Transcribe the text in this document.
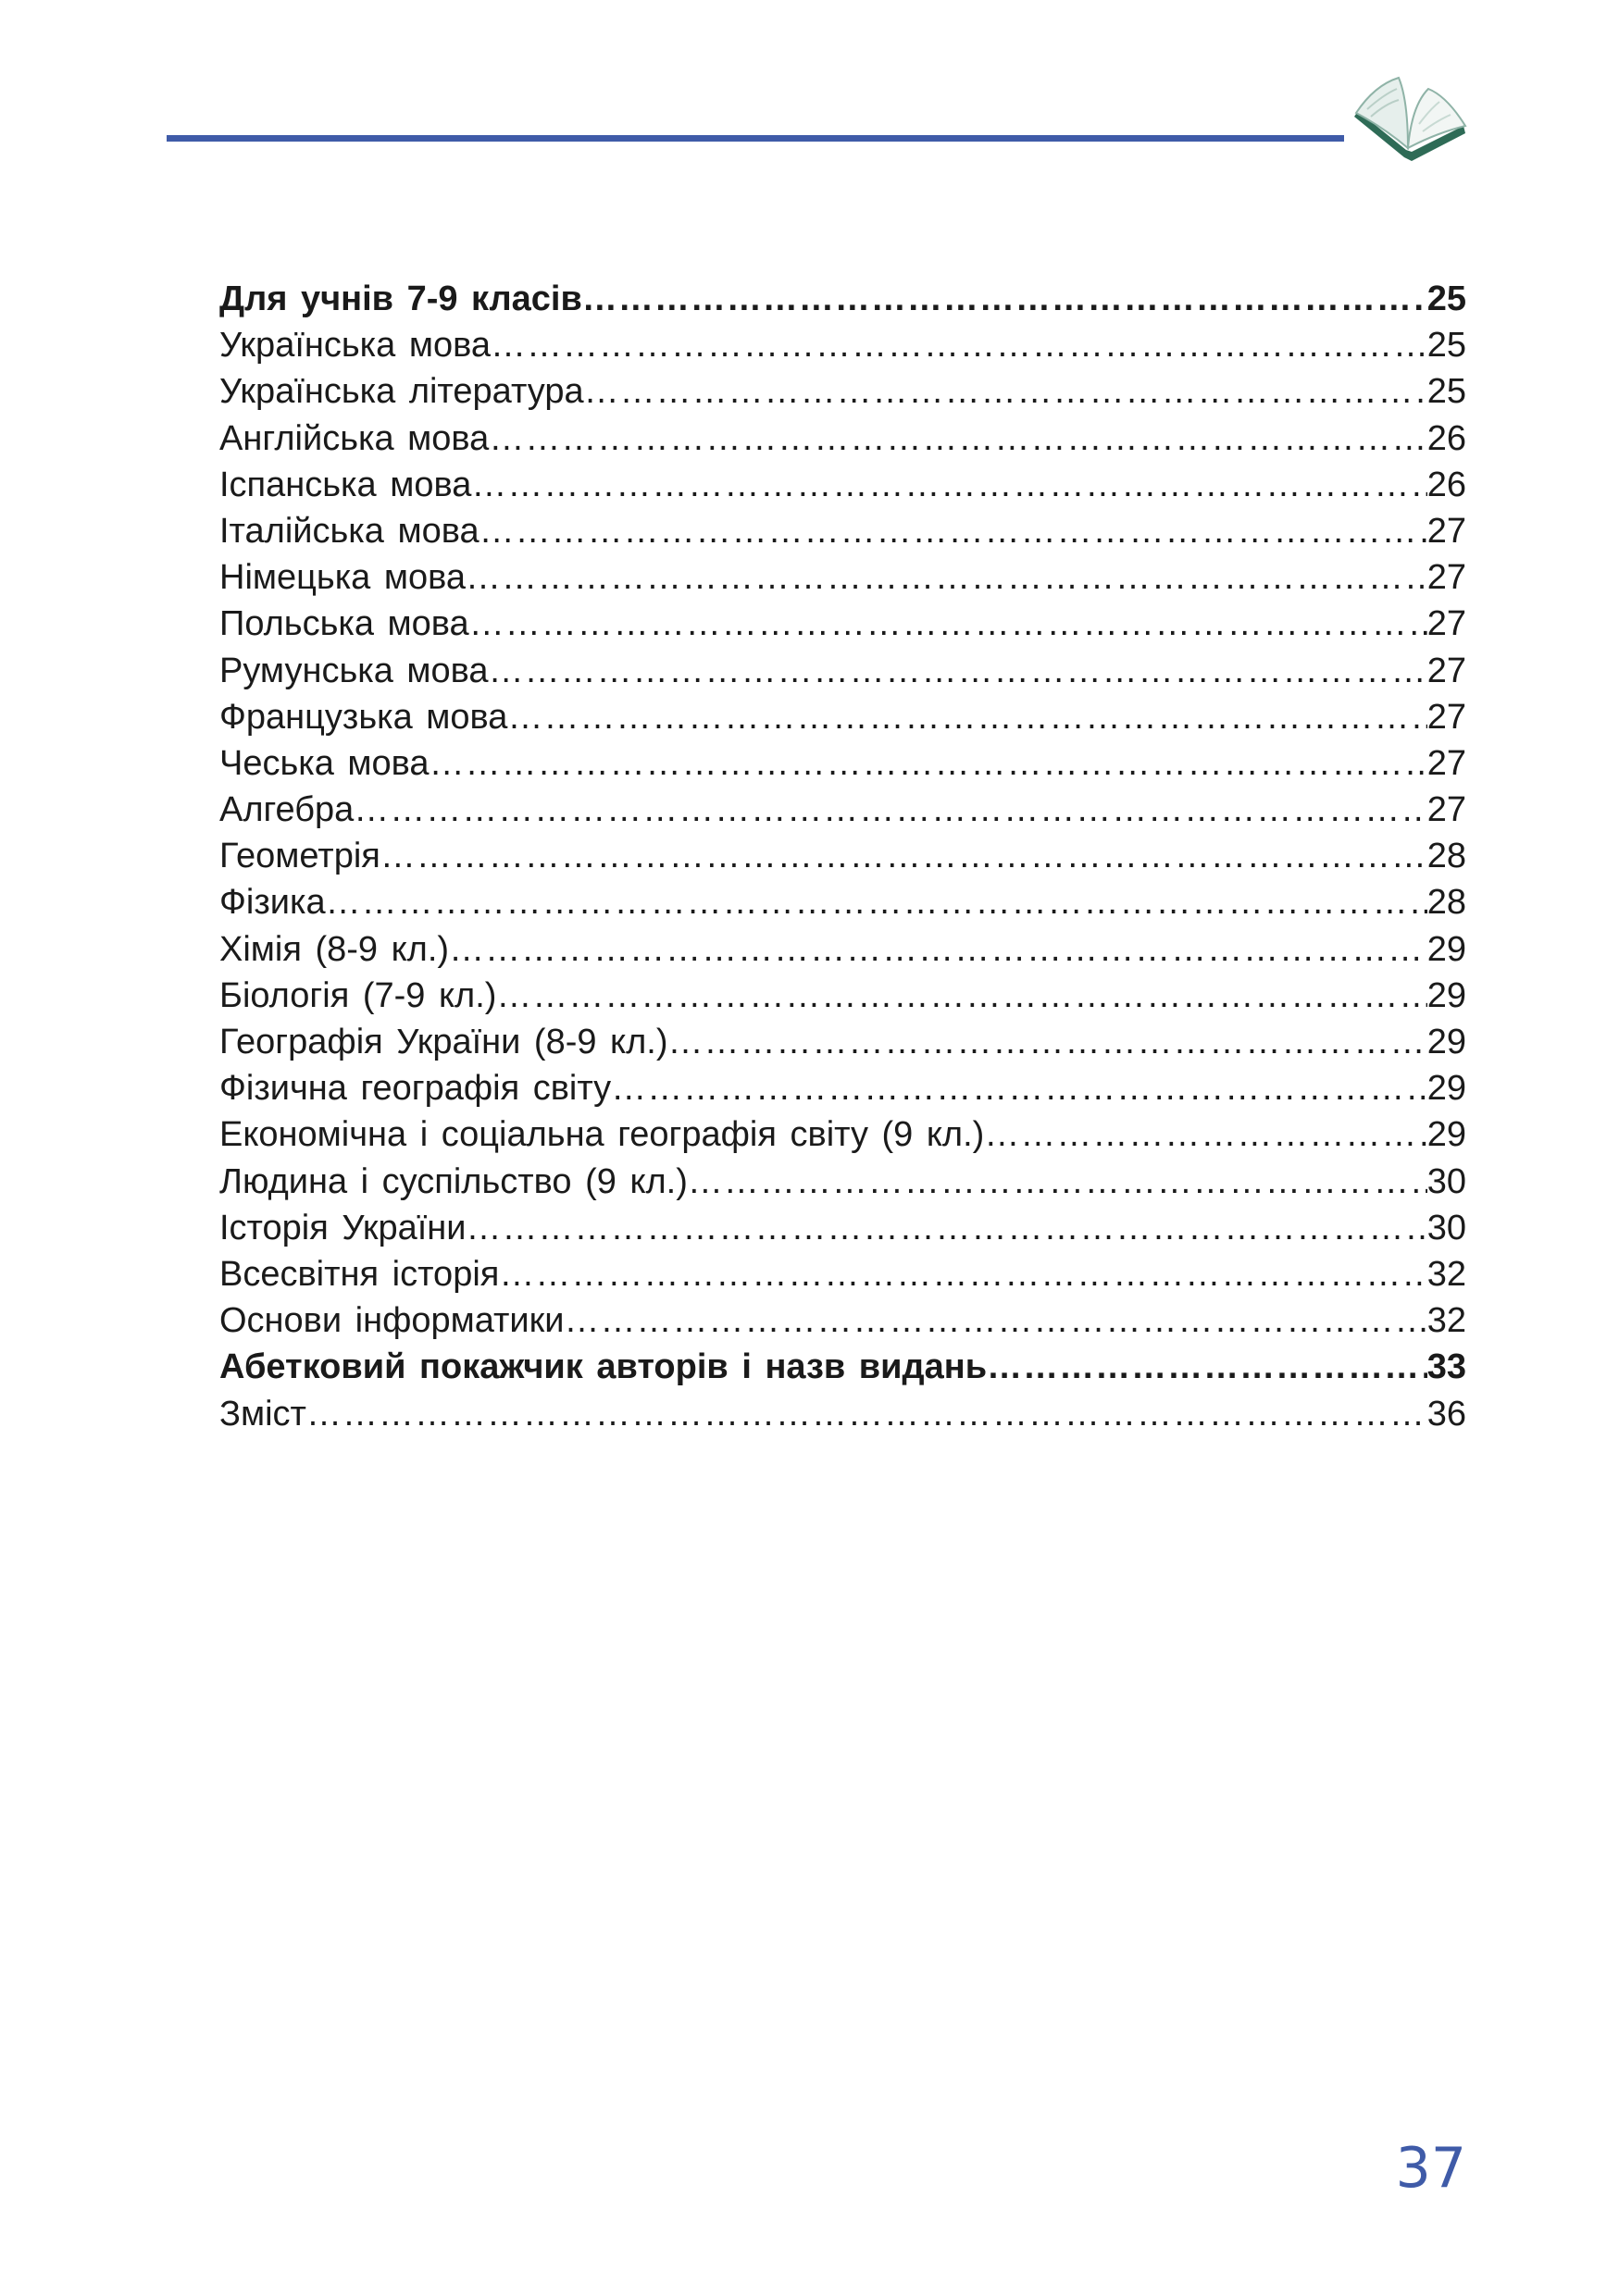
Для учнів 7-9 класів …………………………………………………………………………………………………………………………………………………………………………	25
Українська мова …………………………………………………………………………………………………………………………………………………………………………	25
Українська література …………………………………………………………………………………………………………………………………………………………………………	25
Англійська мова …………………………………………………………………………………………………………………………………………………………………………	26
Іспанська мова …………………………………………………………………………………………………………………………………………………………………………	26
Італійська мова …………………………………………………………………………………………………………………………………………………………………………	27
Німецька мова …………………………………………………………………………………………………………………………………………………………………………	27
Польська мова …………………………………………………………………………………………………………………………………………………………………………	27
Румунська мова …………………………………………………………………………………………………………………………………………………………………………	27
Французька мова …………………………………………………………………………………………………………………………………………………………………………	27
Чеська мова …………………………………………………………………………………………………………………………………………………………………………	27
Алгебра …………………………………………………………………………………………………………………………………………………………………………	27
Геометрія …………………………………………………………………………………………………………………………………………………………………………	28
Фізика …………………………………………………………………………………………………………………………………………………………………………	28
Хімія (8-9 кл.) …………………………………………………………………………………………………………………………………………………………………………	29
Біологія (7-9 кл.) …………………………………………………………………………………………………………………………………………………………………………	29
Географія України (8-9 кл.) …………………………………………………………………………………………………………………………………………………………………………	29
Фізична географія світу …………………………………………………………………………………………………………………………………………………………………………	29
Економічна і соціальна географія світу (9 кл.) …………………………………………………………………………………………………………………………………………………………………………	29
Людина і суспільство (9 кл.) …………………………………………………………………………………………………………………………………………………………………………	30
Історія України …………………………………………………………………………………………………………………………………………………………………………	30
Всесвітня історія …………………………………………………………………………………………………………………………………………………………………………	32
Основи інформатики …………………………………………………………………………………………………………………………………………………………………………	32
Абетковий покажчик авторів і назв видань …………………………………………………………………………………………………………………………………………………………………………	33
Зміст …………………………………………………………………………………………………………………………………………………………………………	36
37
